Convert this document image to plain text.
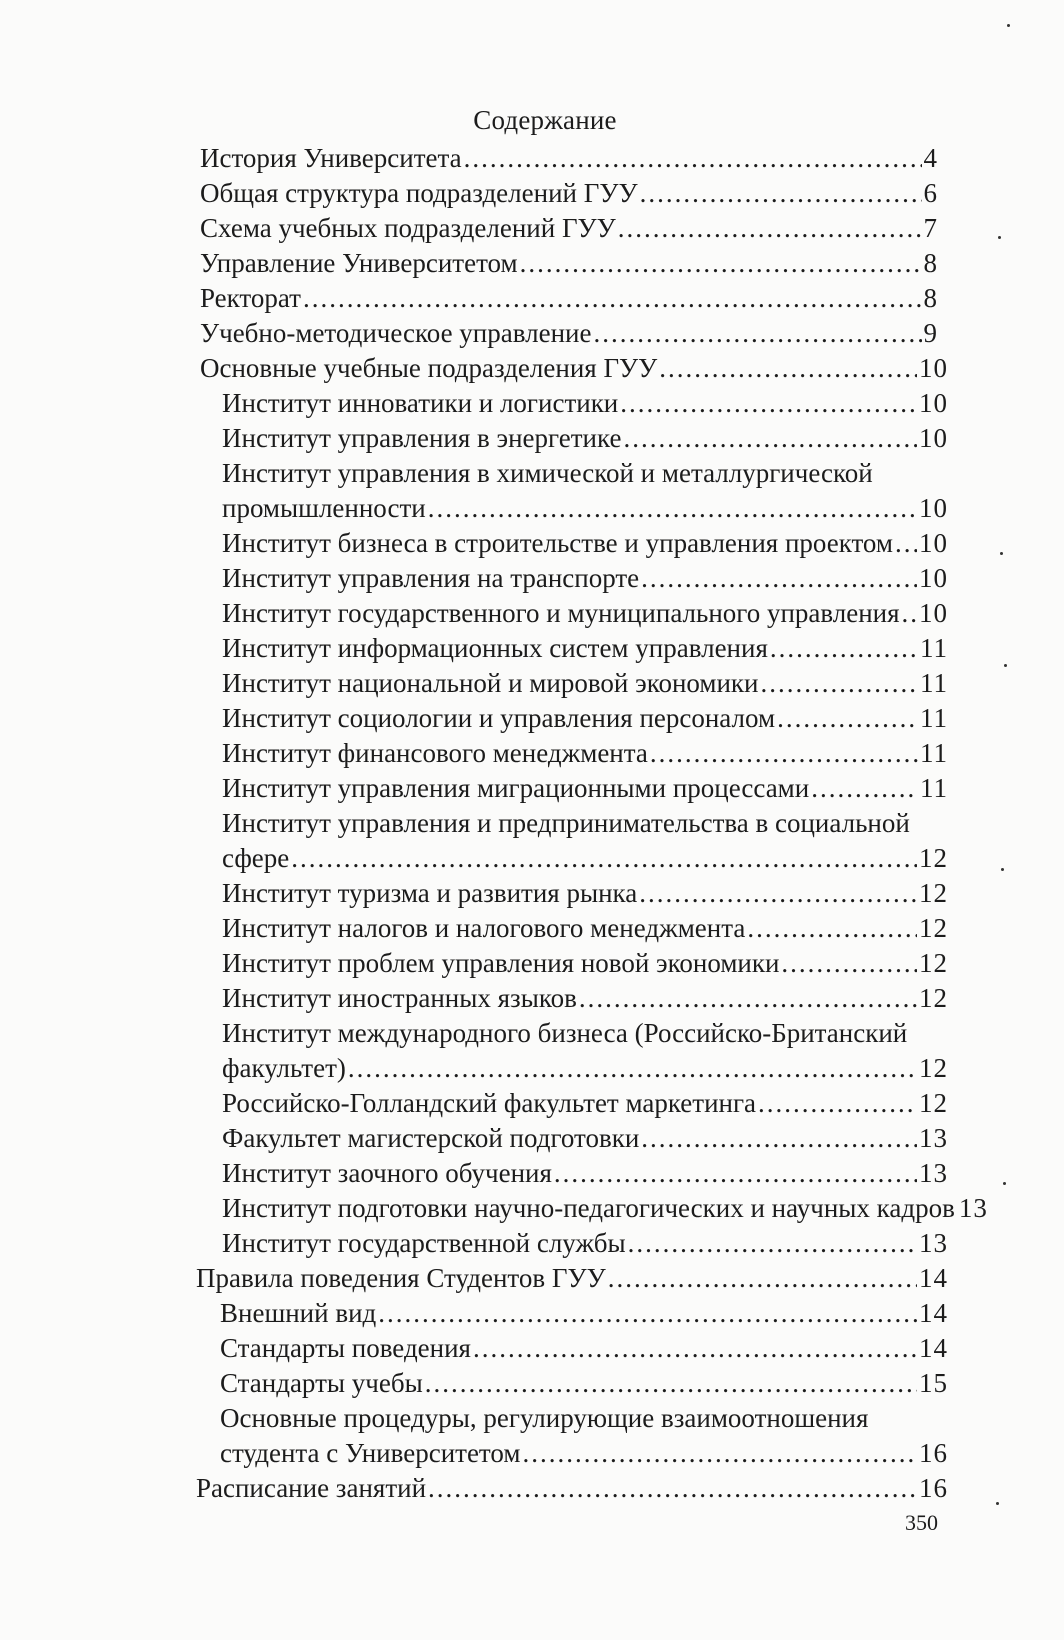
Содержание
История Университета .....	4
Общая структура подразделений ГУУ .....	6
Схема учебных подразделений ГУУ .....	7
Управление Университетом .....	8
Ректорат .....	8
Учебно-методическое управление .....	9
Основные учебные подразделения ГУУ .....	10
Институт инноватики и логистики .....	10
Институт управления в энергетике .....	10
Институт управления в химической и металлургической
промышленности .....	10
Институт бизнеса в строительстве и управления проектом ..... 10
Институт управления на транспорте .....	10
Институт государственного и муниципального управления ..... 10
Институт информационных систем управления .....	11
Институт национальной и мировой экономики .....	11
Институт социологии и управления персоналом .....	11
Институт финансового менеджмента .....	11
Институт управления миграционными процессами .....	11
Институт управления и предпринимательства в социальной
сфере .....	12
Институт туризма и развития рынка .....	12
Институт налогов и налогового менеджмента .....	12
Институт проблем управления новой экономики .....	12
Институт иностранных языков .....	12
Институт международного бизнеса (Российско-Британский
факультет) .....	12
Российско-Голландский факультет маркетинга .....	12
Факультет магистерской подготовки .....	13
Институт заочного обучения .....	13
Институт подготовки научно-педагогических и научных кадров 13
Институт государственной службы .....	13
Правила поведения Студентов ГУУ .....	14
Внешний вид .....	14
Стандарты поведения .....	14
Стандарты учебы .....	15
Основные процедуры, регулирующие взаимоотношения
студента с Университетом .....	16
Расписание занятий .....	16
350
